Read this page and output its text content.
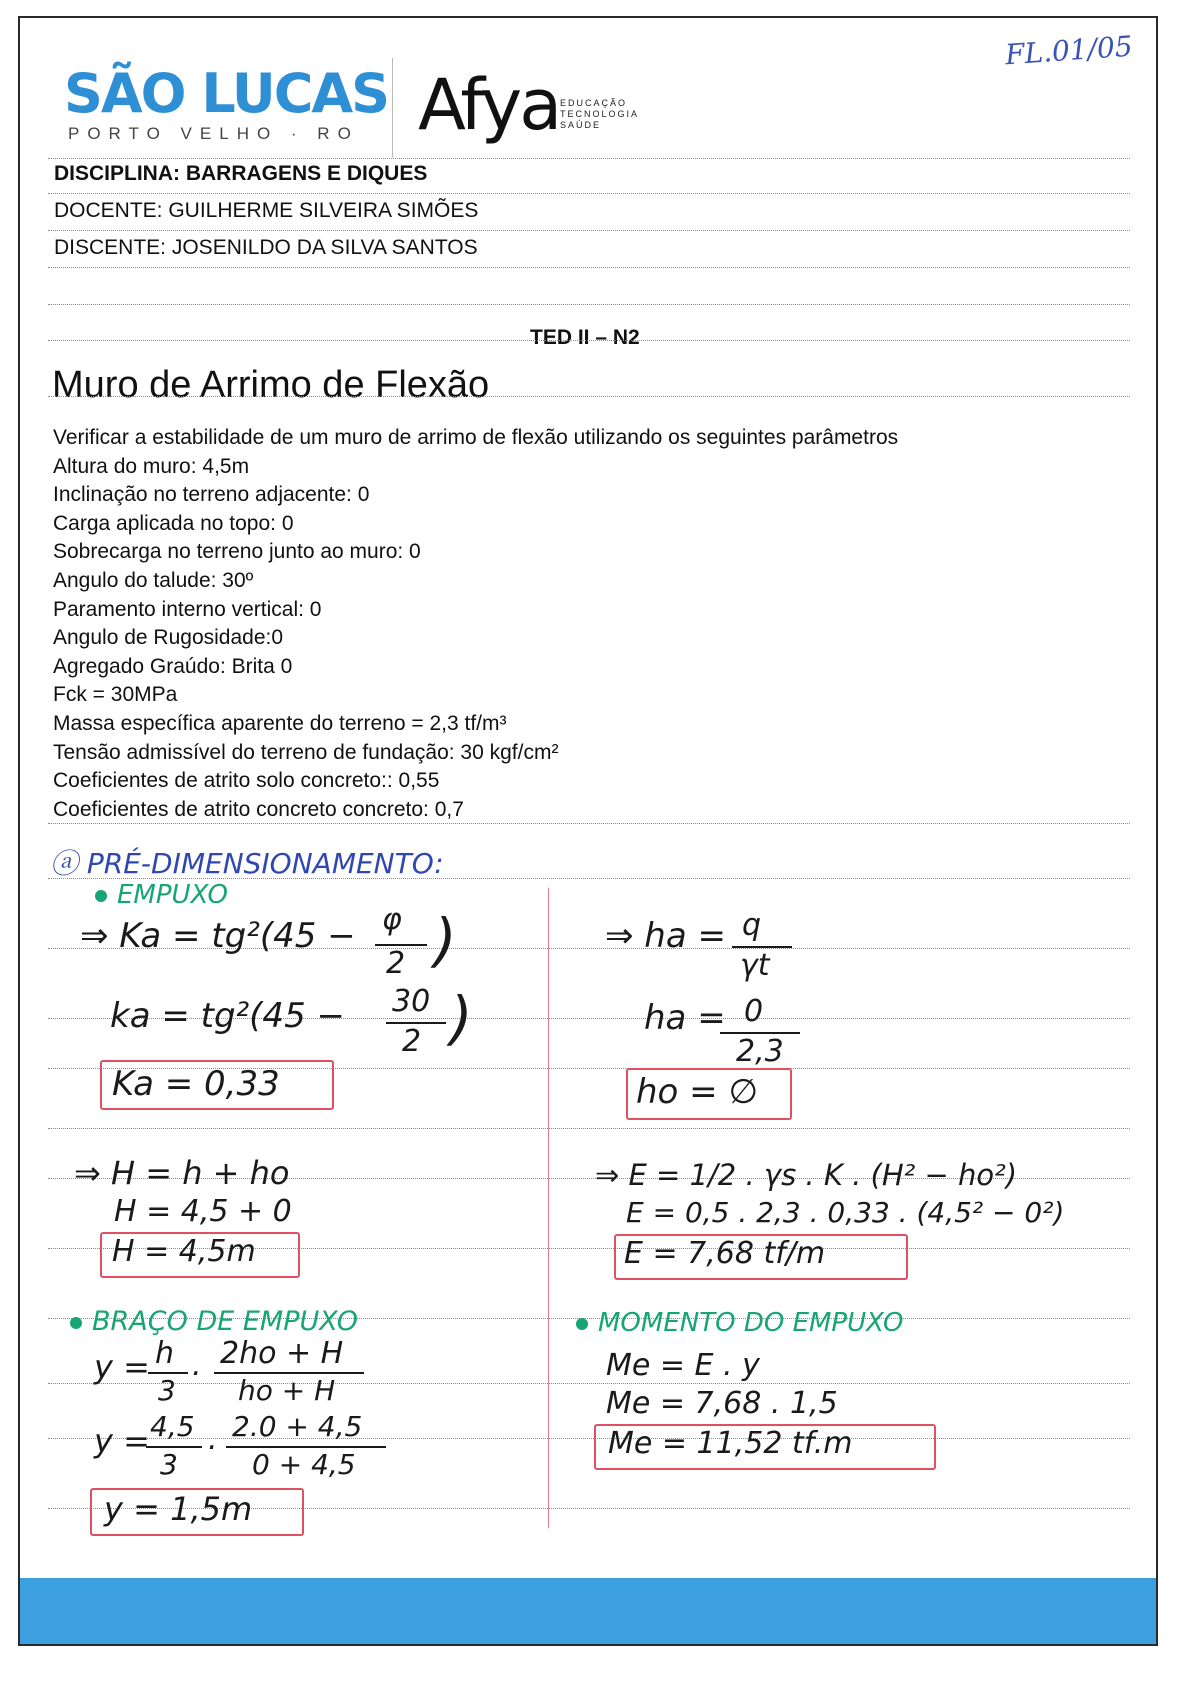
SÃO LUCAS
PORTO VELHO · RO Afya EDUCAÇÃO
TECNOLOGIA
SAÚDE
FL.01/05
DISCIPLINA: BARRAGENS E DIQUES
DOCENTE: GUILHERME SILVEIRA SIMÕES
DISCENTE: JOSENILDO DA SILVA SANTOS
TED II – N2
Muro de Arrimo de Flexão
Verificar a estabilidade de um muro de arrimo de flexão utilizando os seguintes parâmetros
Altura do muro: 4,5m
Inclinação no terreno adjacente: 0
Carga aplicada no topo: 0
Sobrecarga no terreno junto ao muro: 0
Angulo do talude: 30º
Paramento interno vertical: 0
Angulo de Rugosidade:0
Agregado Graúdo: Brita 0
Fck = 30MPa
Massa específica aparente do terreno = 2,3 tf/m³
Tensão admissível do terreno de fundação: 30 kgf/cm²
Coeficientes de atrito solo concreto:: 0,55
Coeficientes de atrito concreto concreto: 0,7
ⓐ PRÉ-DIMENSIONAMENTO:
EMPUXO
⇒ Ka = tg²(45 − φ
2 )
ka = tg²(45 − 30
2 )
Ka = 0,33
⇒ ha = q
γt
ha = 0
2,3
ho = ∅
⇒ H = h + ho
H = 4,5 + 0
H = 4,5m
⇒ E = 1/2 . γs . K . (H² − ho²)
E = 0,5 . 2,3 . 0,33 . (4,5² − 0²)
E = 7,68 tf/m
BRAÇO DE EMPUXO
y = h
3
. 2ho + H
ho + H
y = 4,5
3
. 2.0 + 4,5
0 + 4,5
y = 1,5m
MOMENTO DO EMPUXO
Me = E . y
Me = 7,68 . 1,5
Me = 11,52 tf.m
